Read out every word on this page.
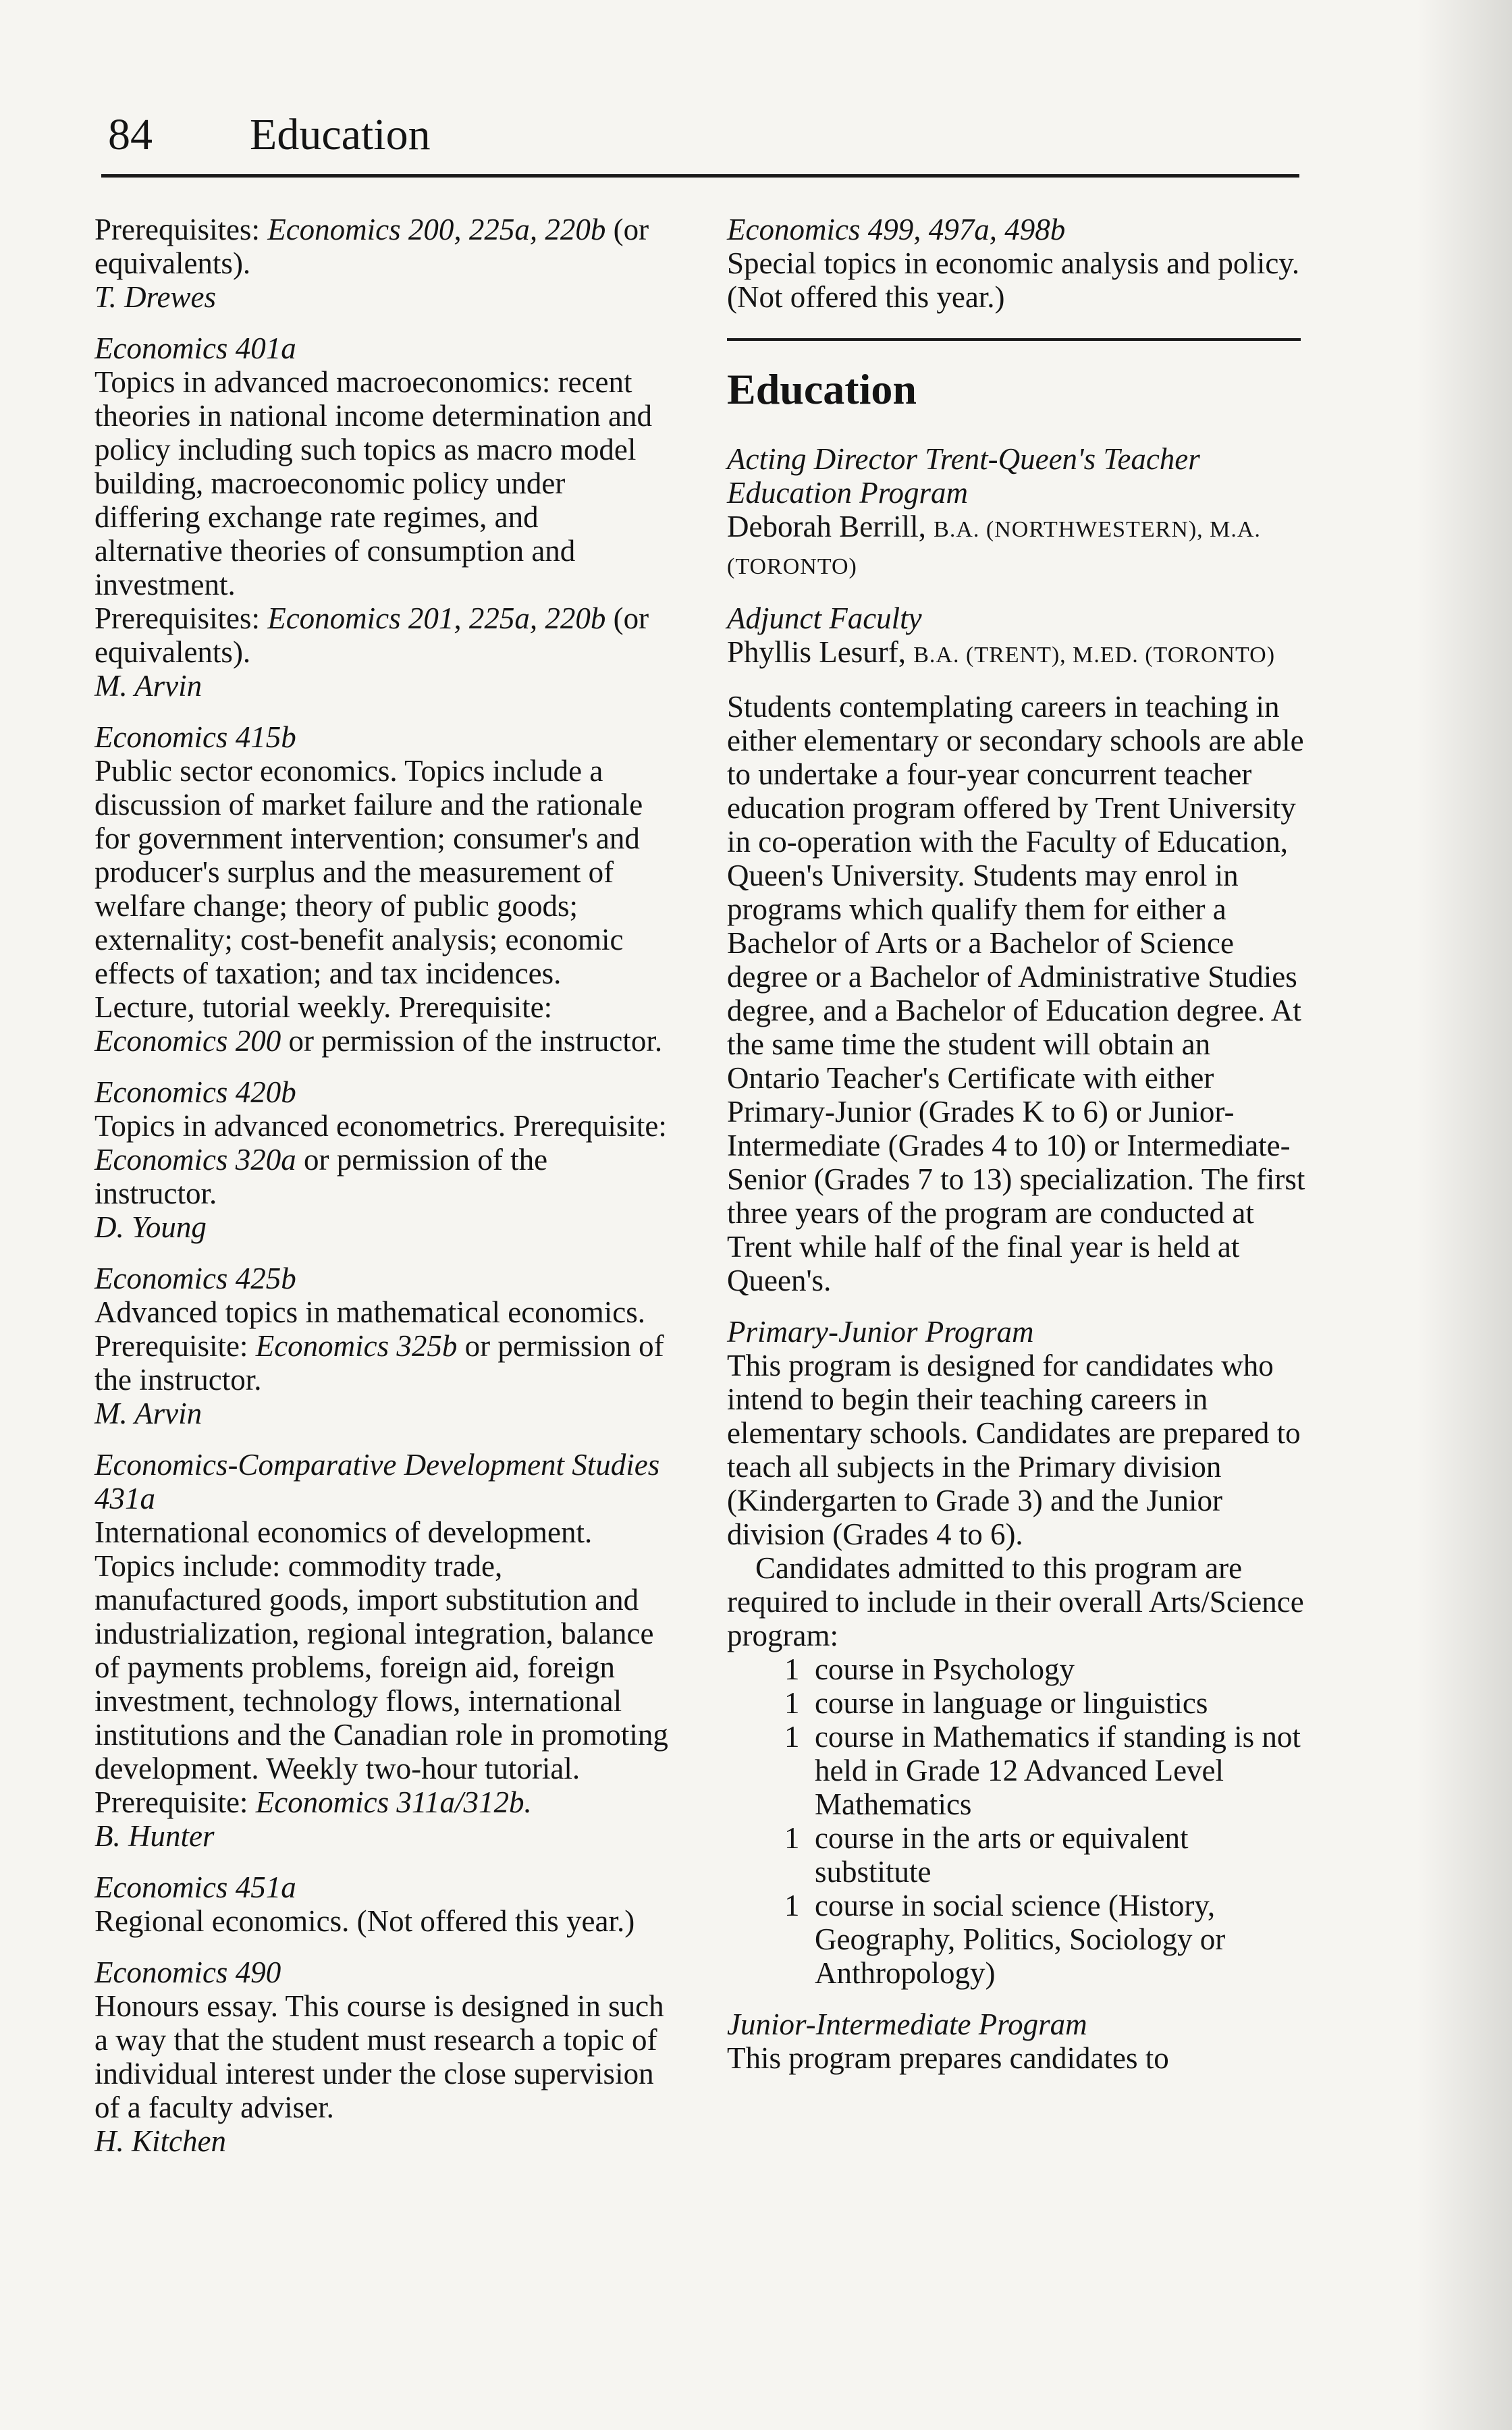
84 Education

Prerequisites: Economics 200, 225a, 220b (or equivalents).

T. Drewes

Economics 401a

Topics in advanced macroeconomics: recent theories in national income determination and policy including such topics as macro model building, macroeconomic policy under differing exchange rate regimes, and alternative theories of consumption and investment.

Prerequisites: Economics 201, 225a, 220b (or equivalents).

M. Arvin

Economics 415b

Public sector economics. Topics include a discussion of market failure and the rationale for government intervention; consumer's and producer's surplus and the measurement of welfare change; theory of public goods; externality; cost-benefit analysis; economic effects of taxation; and tax incidences. Lecture, tutorial weekly. Prerequisite: Economics 200 or permission of the instructor.

Economics 420b

Topics in advanced econometrics. Prerequisite: Economics 320a or permission of the instructor.

D. Young

Economics 425b

Advanced topics in mathematical economics. Prerequisite: Economics 325b or permission of the instructor.

M. Arvin

Economics-Comparative Development Studies 431a

International economics of development. Topics include: commodity trade, manufactured goods, import substitution and industrialization, regional integration, balance of payments problems, foreign aid, foreign investment, technology flows, international institutions and the Canadian role in promoting development. Weekly two-hour tutorial. Prerequisite: Economics 311a/312b.

B. Hunter

Economics 451a

Regional economics. (Not offered this year.)

Economics 490

Honours essay. This course is designed in such a way that the student must research a topic of individual interest under the close supervision of a faculty adviser.

H. Kitchen

Economics 499, 497a, 498b

Special topics in economic analysis and policy. (Not offered this year.)

Education

Acting Director Trent-Queen's Teacher Education Program

Deborah Berrill, B.A. (NORTHWESTERN), M.A. (TORONTO)

Adjunct Faculty

Phyllis Lesurf, B.A. (TRENT), M.ED. (TORONTO)

Students contemplating careers in teaching in either elementary or secondary schools are able to undertake a four-year concurrent teacher education program offered by Trent University in co-operation with the Faculty of Education, Queen's University. Students may enrol in programs which qualify them for either a Bachelor of Arts or a Bachelor of Science degree or a Bachelor of Administrative Studies degree, and a Bachelor of Education degree. At the same time the student will obtain an Ontario Teacher's Certificate with either Primary-Junior (Grades K to 6) or Junior-Intermediate (Grades 4 to 10) or Intermediate-Senior (Grades 7 to 13) specialization. The first three years of the program are conducted at Trent while half of the final year is held at Queen's.

Primary-Junior Program

This program is designed for candidates who intend to begin their teaching careers in elementary schools. Candidates are prepared to teach all subjects in the Primary division (Kindergarten to Grade 3) and the Junior division (Grades 4 to 6).

Candidates admitted to this program are required to include in their overall Arts/Science program:

1 course in Psychology
1 course in language or linguistics
1 course in Mathematics if standing is not held in Grade 12 Advanced Level Mathematics
1 course in the arts or equivalent substitute
1 course in social science (History, Geography, Politics, Sociology or Anthropology)

Junior-Intermediate Program

This program prepares candidates to
